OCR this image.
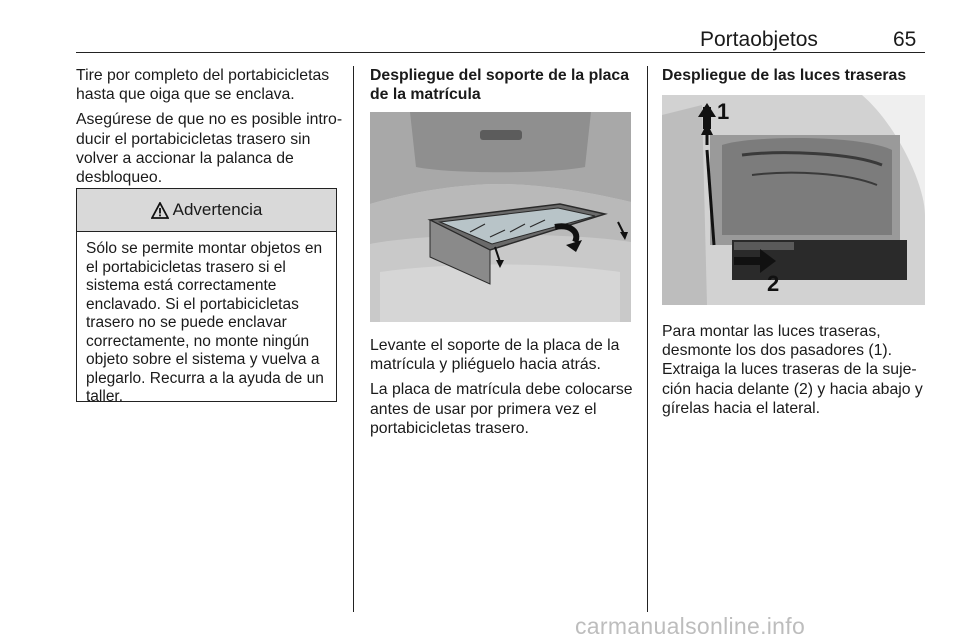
Portaobjetos	65

Tire por completo del portabicicletas hasta que oiga que se enclava.

Asegúrese de que no es posible introducir el portabicicletas trasero sin volver a accionar la palanca de desbloqueo.

Advertencia
Sólo se permite montar objetos en el portabicicletas trasero si el sistema está correctamente enclavado. Si el portabicicletas trasero no se puede enclavar correctamente, no monte ningún objeto sobre el sistema y vuelva a plegarlo. Recurra a la ayuda de un taller.
Despliegue del soporte de la placa de la matrícula

Levante el soporte de la placa de la matrícula y pliéguelo hacia atrás.

La placa de matrícula debe colocarse antes de usar por primera vez el portabicicletas trasero.

Despliegue de las luces traseras
1
2

Para montar las luces traseras, desmonte los dos pasadores (1). Extraiga la luces traseras de la sujeción hacia delante (2) y hacia abajo y gírelas hacia el lateral.

carmanualsonline.info
